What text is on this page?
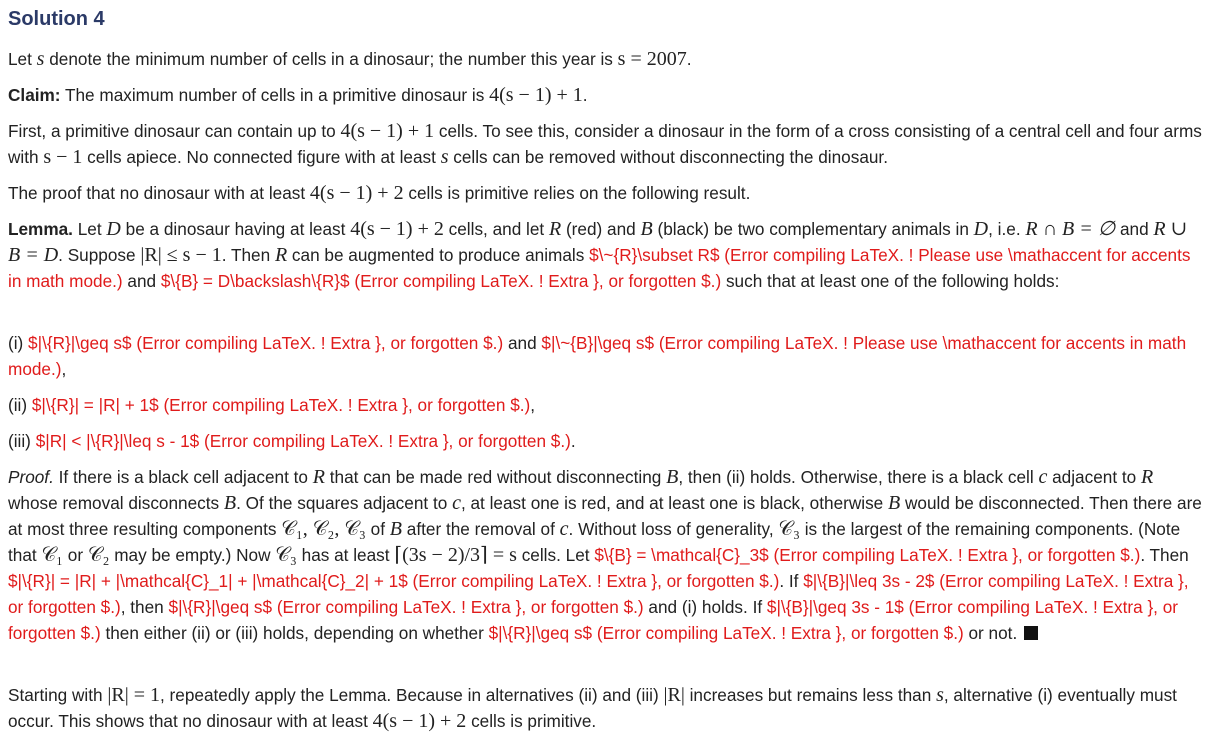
Solution 4

Let s denote the minimum number of cells in a dinosaur; the number this year is s = 2007.

Claim: The maximum number of cells in a primitive dinosaur is 4(s − 1) + 1.

First, a primitive dinosaur can contain up to 4(s − 1) + 1 cells. To see this, consider a dinosaur in the form of a cross consisting of a central cell and four arms with s − 1 cells apiece. No connected figure with at least s cells can be removed without disconnecting the dinosaur.

The proof that no dinosaur with at least 4(s − 1) + 2 cells is primitive relies on the following result.

Lemma. Let D be a dinosaur having at least 4(s − 1) + 2 cells, and let R (red) and B (black) be two complementary animals in D, i.e. R ∩ B = ∅ and R ∪ B = D. Suppose |R| ≤ s − 1. Then R can be augmented to produce animals $\~{R}\subset R$ (Error compiling LaTeX. ! Please use \mathaccent for accents in math mode.) and $\{B} = D\backslash\{R}$ (Error compiling LaTeX. ! Extra }, or forgotten $.) such that at least one of the following holds:

(i) $|\{R}|\geq s$ (Error compiling LaTeX. ! Extra }, or forgotten $.) and $|\~{B}|\geq s$ (Error compiling LaTeX. ! Please use \mathaccent for accents in math mode.),

(ii) $|\{R}| = |R| + 1$ (Error compiling LaTeX. ! Extra }, or forgotten $.),

(iii) $|R| < |\{R}|\leq s - 1$ (Error compiling LaTeX. ! Extra }, or forgotten $.).

Proof. If there is a black cell adjacent to R that can be made red without disconnecting B, then (ii) holds. Otherwise, there is a black cell c adjacent to R whose removal disconnects B. Of the squares adjacent to c, at least one is red, and at least one is black, otherwise B would be disconnected. Then there are at most three resulting components 𝒞₁, 𝒞₂, 𝒞₃ of B after the removal of c. Without loss of generality, 𝒞₃ is the largest of the remaining components. (Note that 𝒞₁ or 𝒞₂ may be empty.) Now 𝒞₃ has at least ⌈(3s − 2)/3⌉ = s cells. Let $\{B} = \mathcal{C}_3$ (Error compiling LaTeX. ! Extra }, or forgotten $.). Then $|\{R}| = |R| + |\mathcal{C}_1| + |\mathcal{C}_2| + 1$ (Error compiling LaTeX. ! Extra }, or forgotten $.). If $|\{B}|\leq 3s - 2$ (Error compiling LaTeX. ! Extra }, or forgotten $.), then $|\{R}|\geq s$ (Error compiling LaTeX. ! Extra }, or forgotten $.) and (i) holds. If $|\{B}|\geq 3s - 1$ (Error compiling LaTeX. ! Extra }, or forgotten $.) then either (ii) or (iii) holds, depending on whether $|\{R}|\geq s$ (Error compiling LaTeX. ! Extra }, or forgotten $.) or not.

Starting with |R| = 1, repeatedly apply the Lemma. Because in alternatives (ii) and (iii) |R| increases but remains less than s, alternative (i) eventually must occur. This shows that no dinosaur with at least 4(s − 1) + 2 cells is primitive.
